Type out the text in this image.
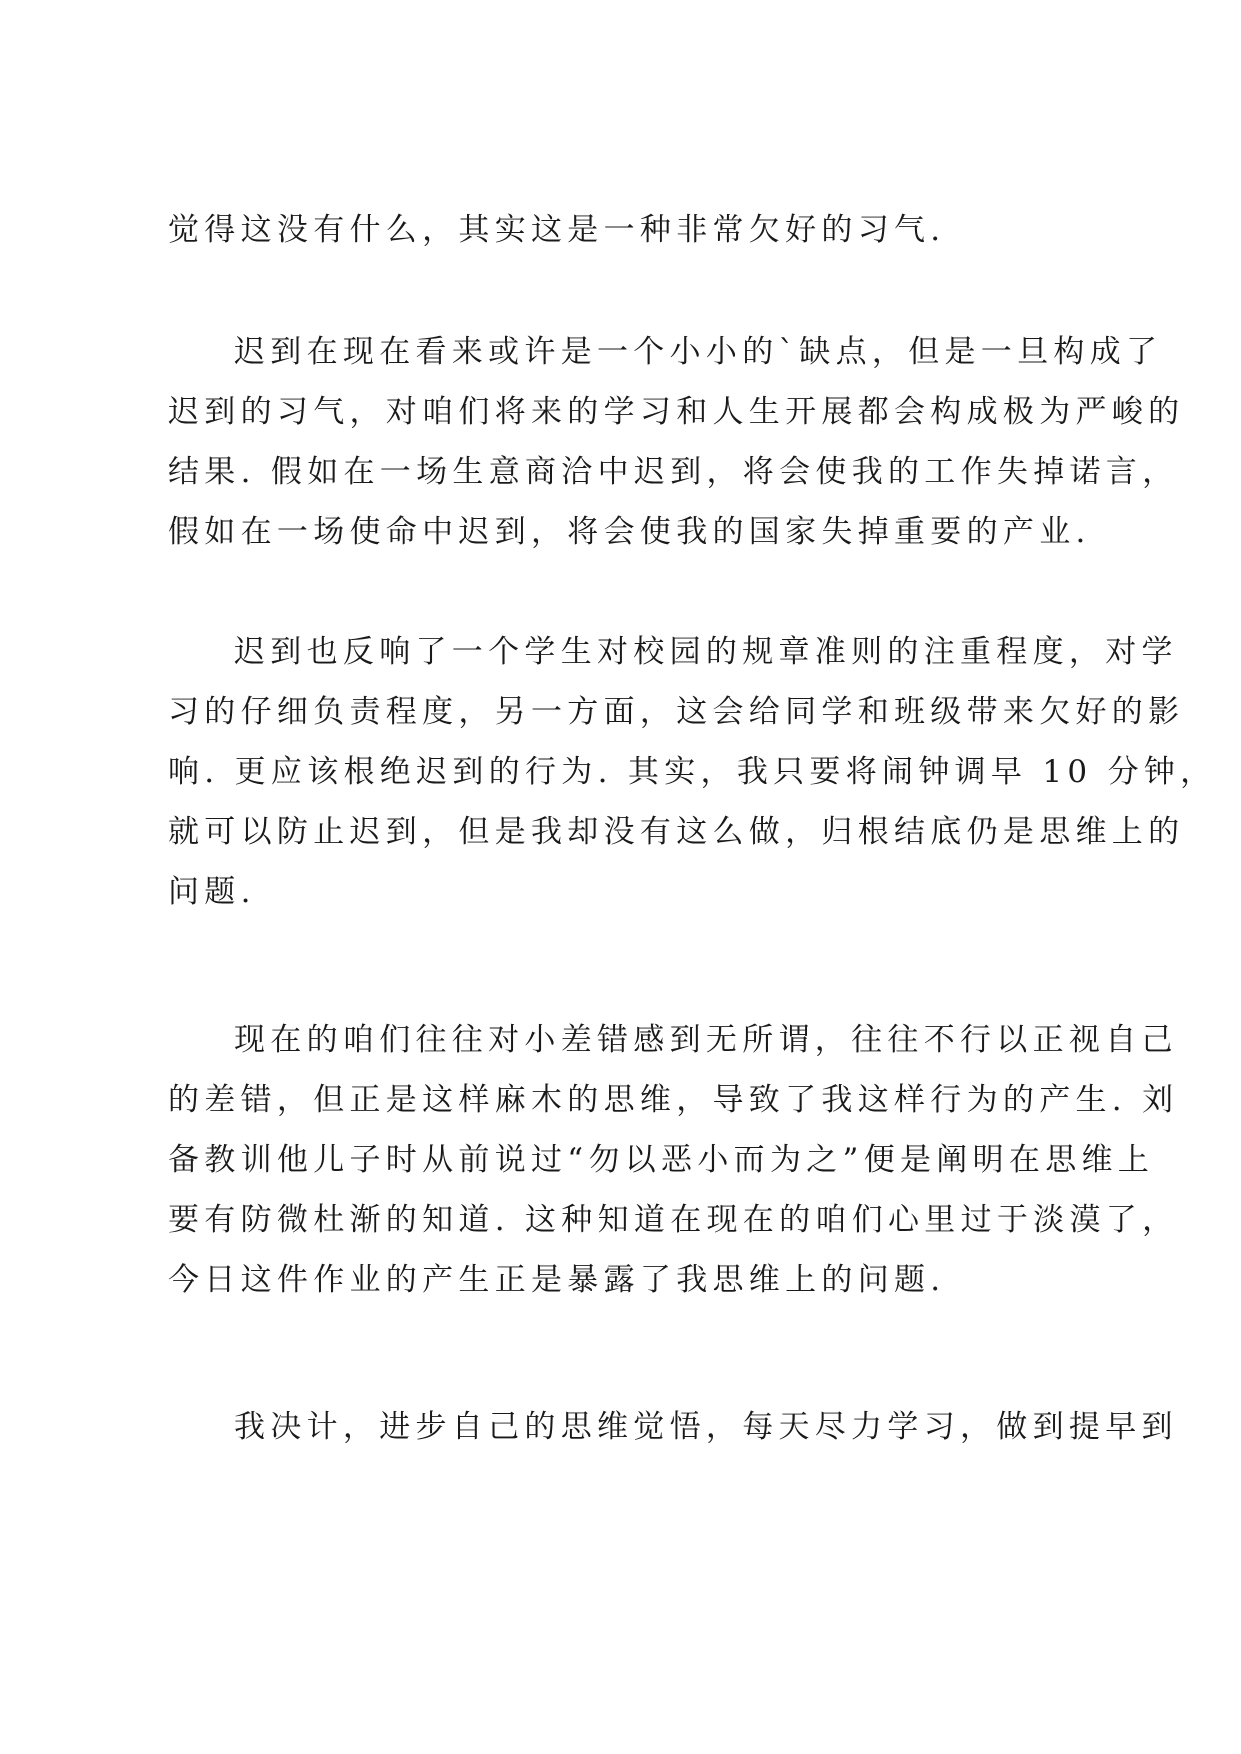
觉得这没有什么，其实这是一种非常欠好的习气.
迟到在现在看来或许是一个小小的`缺点，但是一旦构成了
迟到的习气，对咱们将来的学习和人生开展都会构成极为严峻的
结果. 假如在一场生意商洽中迟到，将会使我的工作失掉诺言，
假如在一场使命中迟到，将会使我的国家失掉重要的产业.
迟到也反响了一个学生对校园的规章准则的注重程度，对学
习的仔细负责程度，另一方面，这会给同学和班级带来欠好的影
响. 更应该根绝迟到的行为. 其实，我只要将闹钟调早 10 分钟，
就可以防止迟到，但是我却没有这么做，归根结底仍是思维上的
问题.
现在的咱们往往对小差错感到无所谓，往往不行以正视自己
的差错，但正是这样麻木的思维，导致了我这样行为的产生. 刘
备教训他儿子时从前说过“勿以恶小而为之”便是阐明在思维上
要有防微杜渐的知道. 这种知道在现在的咱们心里过于淡漠了，
今日这件作业的产生正是暴露了我思维上的问题.
我决计，进步自己的思维觉悟，每天尽力学习，做到提早到
